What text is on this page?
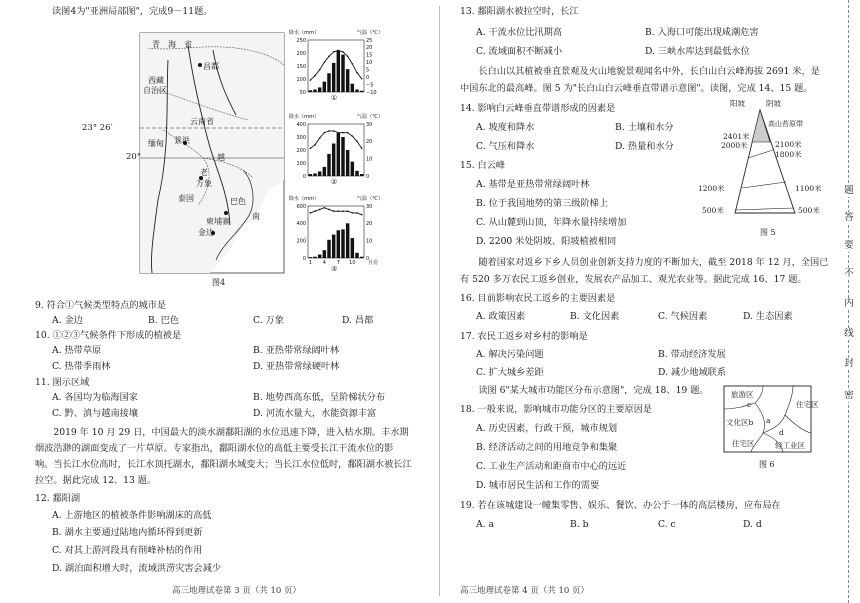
读图4为"亚洲局部图"，完成9－11题。
青　海　省
昌都
西藏
自治区
云南省
23° 26′
20°
缅甸 景洪
老
万象
越
泰国	巴色
南
柬埔寨
金边
图4
降水（mm）	气温（℃）
250
200
150
100
50
25
20
15
10
5
0
−5
−10
①
降水（mm）	气温（℃）
400
300
200
100
0
30
20
10
0
②
降水（mm）	气温（℃）
600
400
200
0
30
20
10
0
1 4 7 10 月份
③
9. 符合①气候类型特点的城市是
A. 金边	B. 巴色	C. 万象	D. 昌都
10. ①②③气候条件下形成的植被是
A. 热带草原	B. 亚热带常绿阔叶林
C. 热带季雨林	D. 亚热带常绿硬叶林
11. 图示区域
A. 各国均为临海国家	B. 地势西高东低，呈阶梯状分布
C. 黔、滇与越南接壤	D. 河流水量大，水能资源丰富
　　2019 年 10 月 29 日，中国最大的淡水湖鄱阳湖的水位迅速下降，进入枯水期。丰水期
烟波浩渺的湖面变成了一片草原。专家指出，鄱阳湖水位的高低主要受长江干流水位的影
响。当长江水位高时，长江水顶托湖水，鄱阳湖水域变大；当长江水位低时，鄱阳湖水被长江
拉空。据此完成 12、13 题。
12. 鄱阳湖
A. 上游地区的植被条件影响湖床的高低
B. 湖水主要通过陆地内循环得到更新
C. 对其上游河段具有削峰补枯的作用
D. 湖泊面积增大时，流域洪涝灾害会减少
高三地理试卷第 3 页（共 10 页）
13. 鄱阳湖水被拉空时，长江
A. 干流水位比汛期高	B. 入海口可能出现咸潮危害
C. 流域面积不断减小	D. 三峡水库达到最低水位
　　长白山以其植被垂直景观及火山地貌景观闻名中外，长白山白云峰海拔 2691 米，是
中国东北的最高峰。图 5 为"长白山白云峰垂直带谱示意图"。读图，完成 14、15 题。
14. 影响白云峰垂直带谱形成的因素是
A. 坡度和降水	B. 土壤和水分
C. 气压和降水	D. 热量和水分
15. 白云峰
A. 基带是亚热带常绿阔叶林
B. 位于我国地势的第三级阶梯上
C. 从山麓到山顶，年降水量持续增加
D. 2200 米处阴坡、阳坡植被相同
阳坡	阴坡
高山苔原带
2401米
2000米	2100米
1800米
1200米	1100米
500米	500米
图 5
　　随着国家对返乡下乡人员创业创新支持力度的不断加大，截至 2018 年 12 月，全国已
有 520 多万农民工返乡创业，发展农产品加工、观光农业等。据此完成 16、17 题。
16. 目前影响农民工返乡的主要因素是
A. 政策因素	B. 文化因素	C. 气候因素	D. 生态因素
17. 农民工返乡对乡村的影响是
A. 解决污染问题	B. 带动经济发展
C. 扩大城乡差距	D. 减少地域联系
　　读图 6"某大城市功能区分布示意图"，完成 18、19 题。
18. 一般来说，影响城市功能分区的主要原因是
A. 历史因素，行政干预，城市规划
B. 经济活动之间的用地竞争和集聚
C. 工业生产活动和距商市中心的远近
D. 城市居民生活和工作的需要
旅游区
c	住宅区
文化区b a
d
住宅区	轻工业区
图 6
19. 若在该城建设一幢集零售、娱乐、餐饮、办公于一体的高层楼房，应布局在
A. a	B. b	C. c	D. d
高三地理试卷第 4 页（共 10 页）
题
答
要
不
内
线
封
密
